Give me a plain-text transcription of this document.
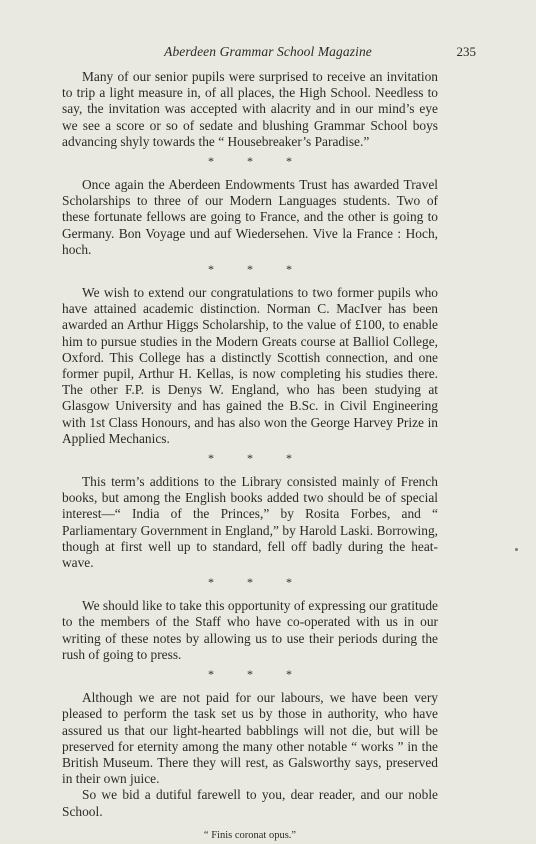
Aberdeen Grammar School Magazine	235

Many of our senior pupils were surprised to receive an invitation to trip a light measure in, of all places, the High School. Needless to say, the invitation was accepted with alacrity and in our mind’s eye we see a score or so of sedate and blushing Grammar School boys advancing shyly towards the “ Housebreaker’s Paradise.”

* * *

Once again the Aberdeen Endowments Trust has awarded Travel Scholarships to three of our Modern Languages students. Two of these fortunate fellows are going to France, and the other is going to Germany. Bon Voyage und auf Wiedersehen. Vive la France : Hoch, hoch.

* * *

We wish to extend our congratulations to two former pupils who have attained academic distinction. Norman C. MacIver has been awarded an Arthur Higgs Scholarship, to the value of £100, to enable him to pursue studies in the Modern Greats course at Balliol College, Oxford. This College has a distinctly Scottish connection, and one former pupil, Arthur H. Kellas, is now completing his studies there. The other F.P. is Denys W. England, who has been studying at Glasgow University and has gained the B.Sc. in Civil Engineering with 1st Class Honours, and has also won the George Harvey Prize in Applied Mechanics.

* * *

This term’s additions to the Library consisted mainly of French books, but among the English books added two should be of special interest—“ India of the Princes,” by Rosita Forbes, and “ Parliamentary Government in England,” by Harold Laski. Borrowing, though at first well up to standard, fell off badly during the heat-wave.

* * *

We should like to take this opportunity of expressing our gratitude to the members of the Staff who have co-operated with us in our writing of these notes by allowing us to use their periods during the rush of going to press.

* * *

Although we are not paid for our labours, we have been very pleased to perform the task set us by those in authority, who have assured us that our light-hearted babblings will not die, but will be preserved for eternity among the many other notable “ works ” in the British Museum. There they will rest, as Galsworthy says, preserved in their own juice.

So we bid a dutiful farewell to you, dear reader, and our noble School.

“ Finis coronat opus.”
